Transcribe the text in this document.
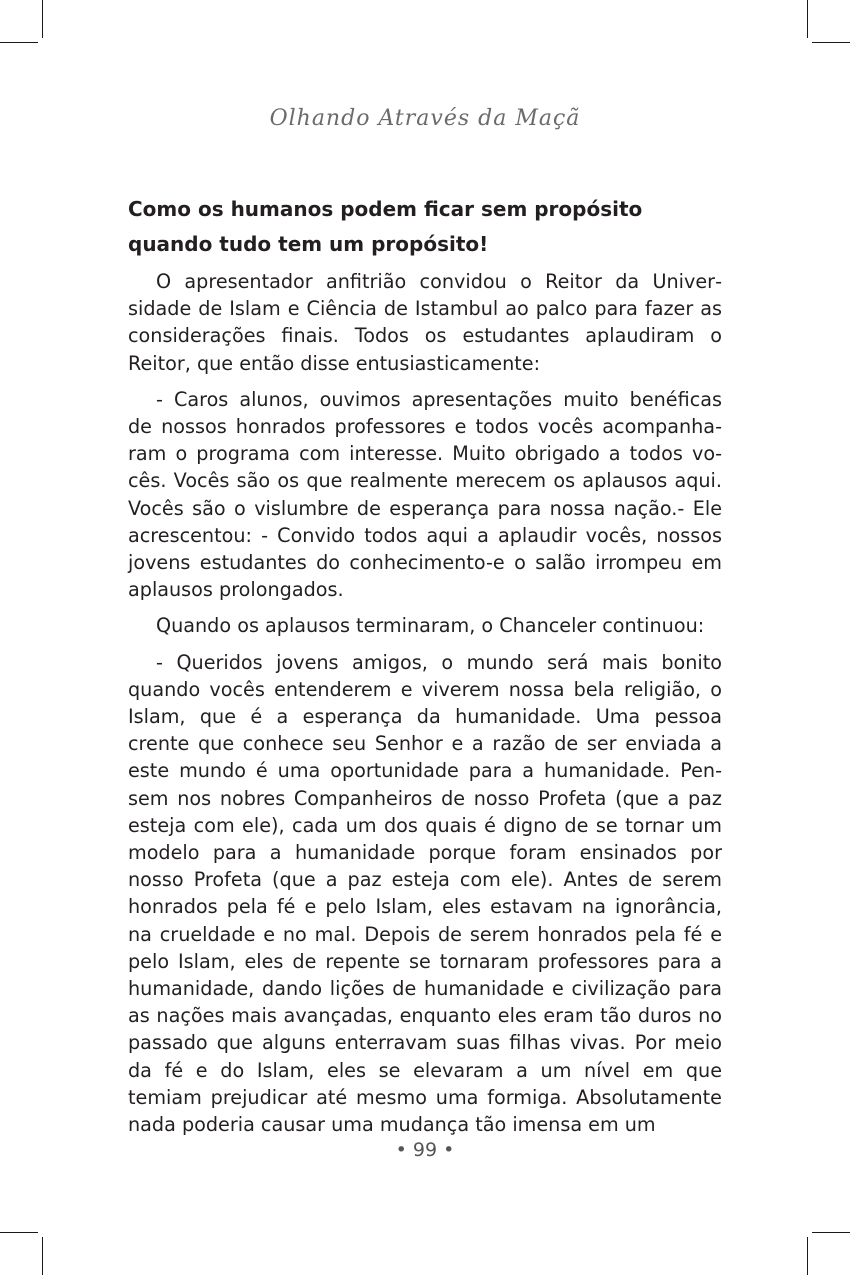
Olhando Através da Maçã
Como os humanos podem ficar sem propósito
quando tudo tem um propósito!

O apresentador anfitrião convidou o Reitor da Universidade de Islam e Ciência de Istambul ao palco para fazer as considerações finais. Todos os estudantes aplaudiram o Reitor, que então disse entusiasticamente:

- Caros alunos, ouvimos apresentações muito benéficas de nossos honrados professores e todos vocês acompanharam o programa com interesse. Muito obrigado a todos vocês. Vocês são os que realmente merecem os aplausos aqui. Vocês são o vislumbre de esperança para nossa nação.- Ele acrescentou: - Convido todos aqui a aplaudir vocês, nossos jovens estudantes do conhecimento-e o salão irrompeu em aplausos prolongados.

Quando os aplausos terminaram, o Chanceler continuou:

- Queridos jovens amigos, o mundo será mais bonito quando vocês entenderem e viverem nossa bela religião, o Islam, que é a esperança da humanidade. Uma pessoa crente que conhece seu Senhor e a razão de ser enviada a este mundo é uma oportunidade para a humanidade. Pensem nos nobres Companheiros de nosso Profeta (que a paz esteja com ele), cada um dos quais é digno de se tornar um modelo para a humanidade porque foram ensinados por nosso Profeta (que a paz esteja com ele). Antes de serem honrados pela fé e pelo Islam, eles estavam na ignorância, na crueldade e no mal. Depois de serem honrados pela fé e pelo Islam, eles de repente se tornaram professores para a humanidade, dando lições de humanidade e civilização para as nações mais avançadas, enquanto eles eram tão duros no passado que alguns enterravam suas filhas vivas. Por meio da fé e do Islam, eles se elevaram a um nível em que temiam prejudicar até mesmo uma formiga. Absolutamente nada poderia causar uma mudança tão imensa em um

• 99 •
